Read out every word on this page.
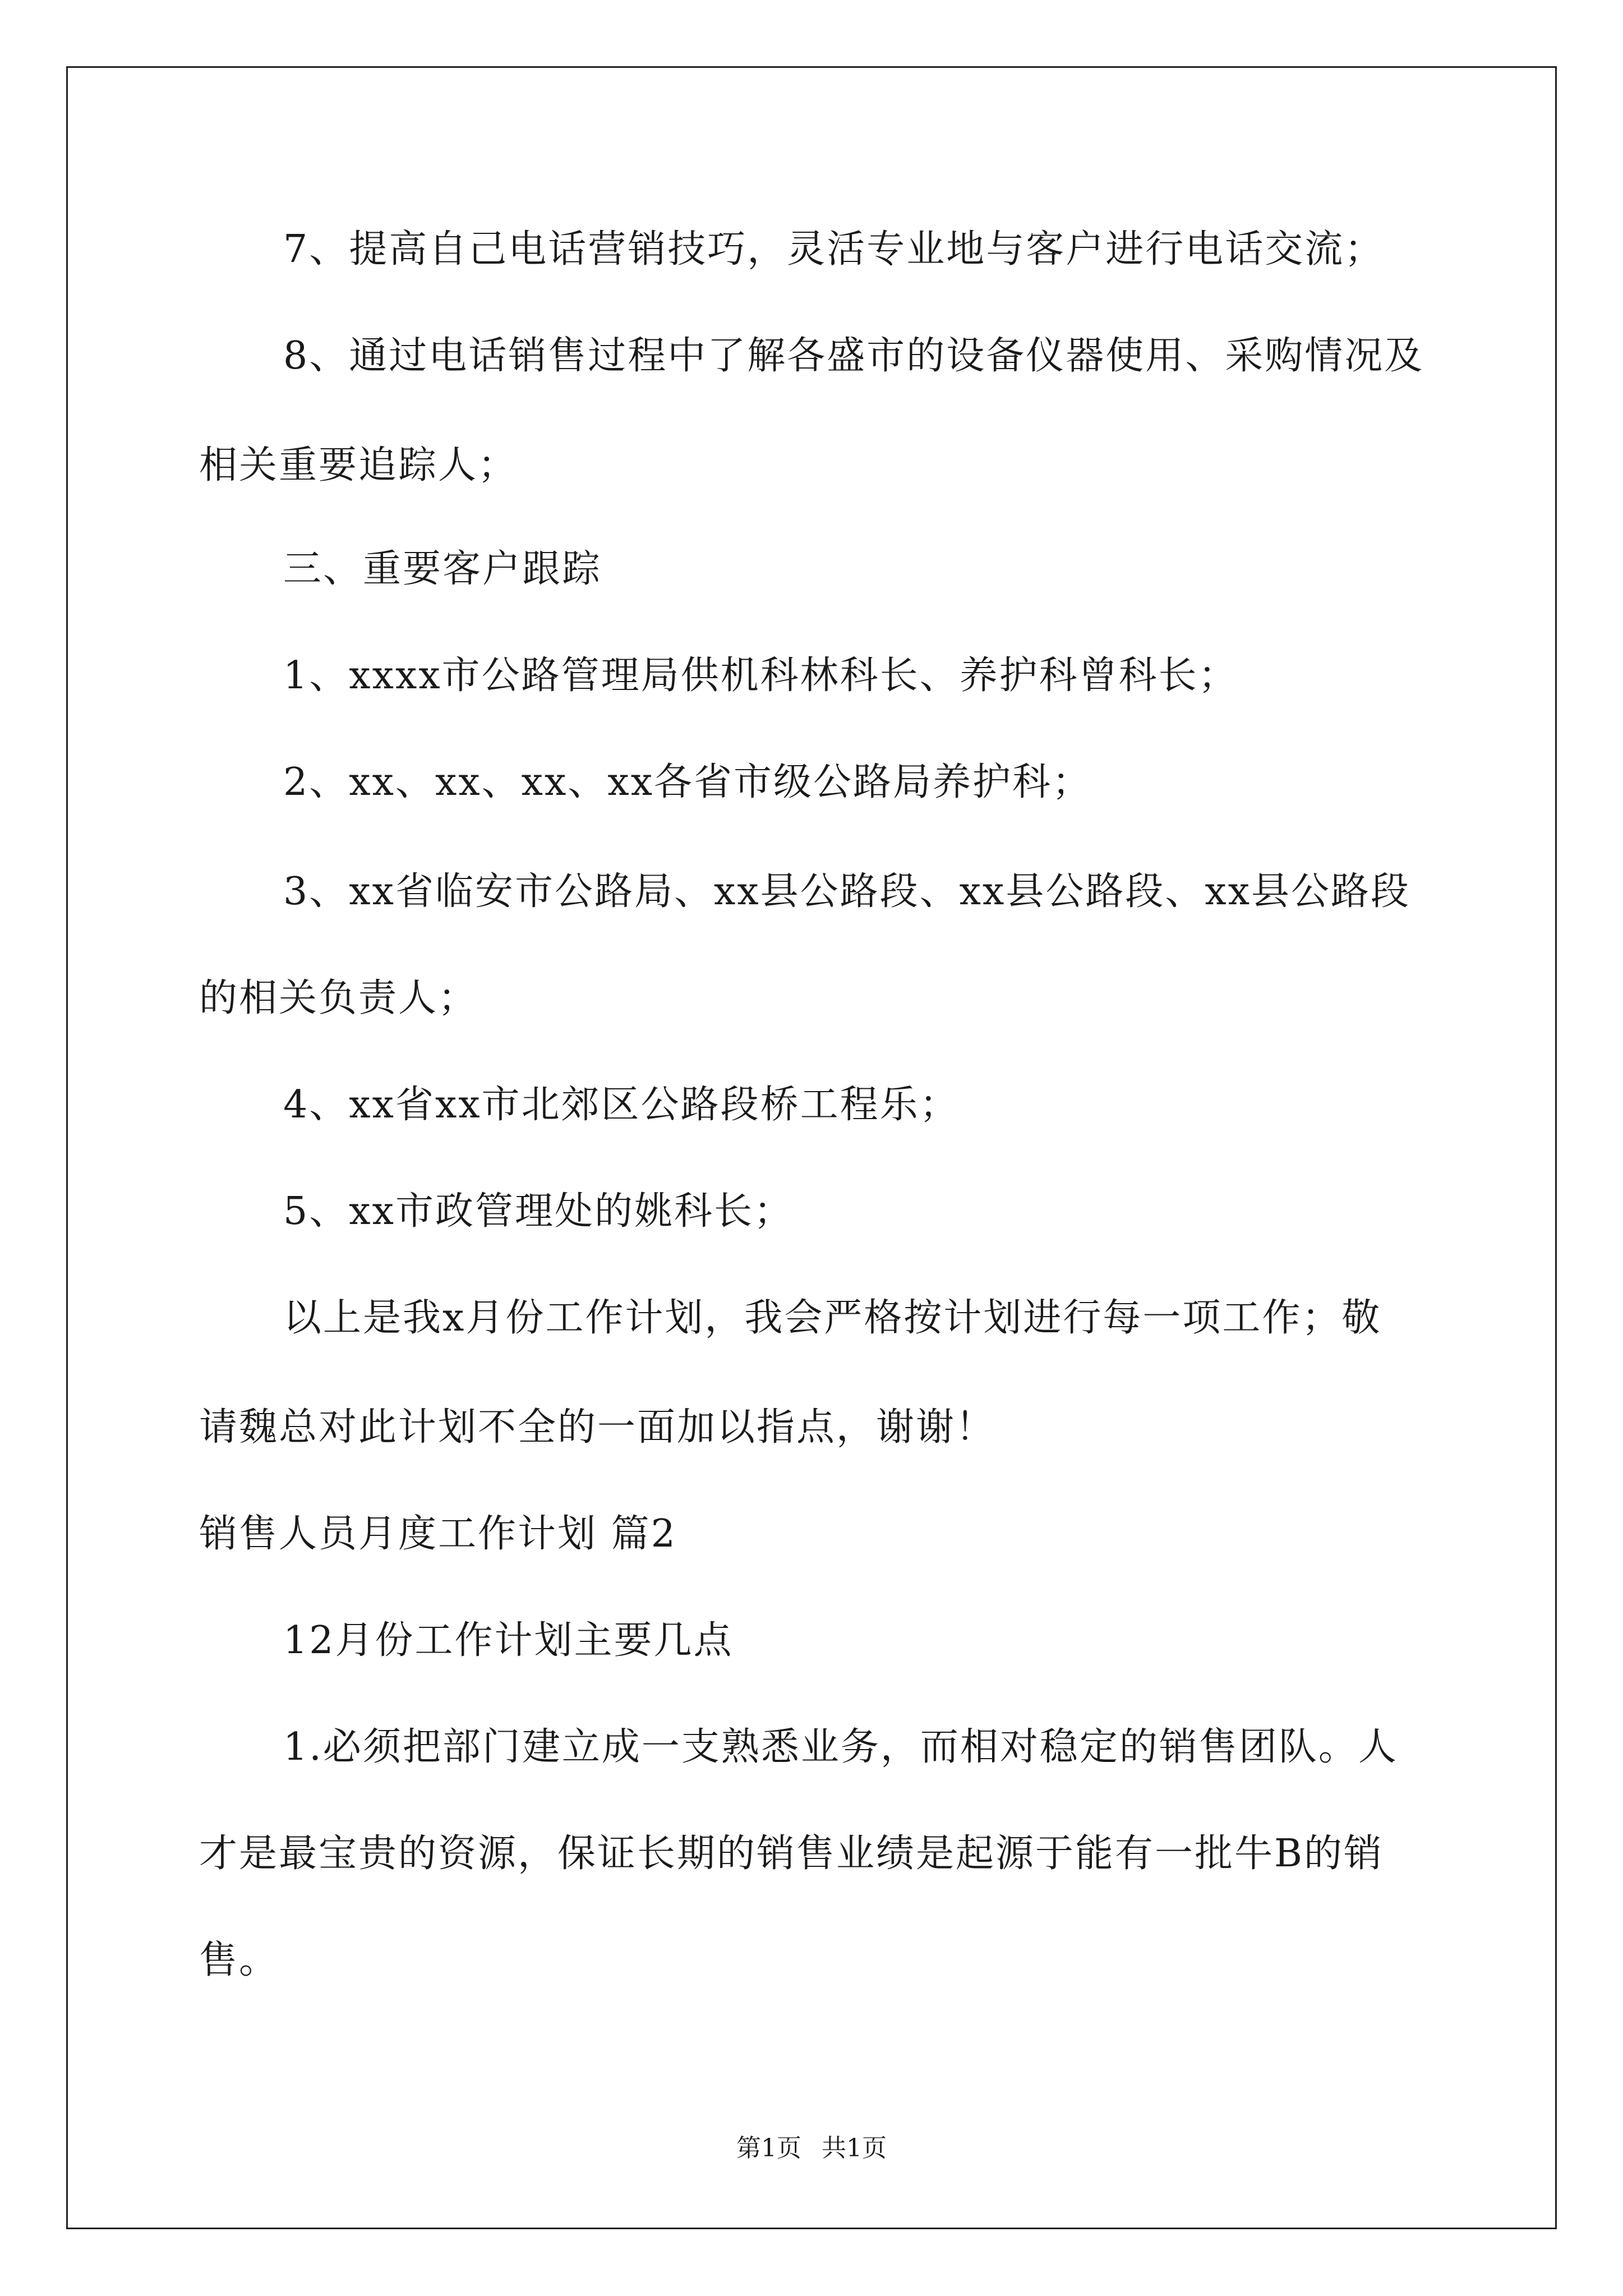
7、提高自己电话营销技巧，灵活专业地与客户进行电话交流；
8、通过电话销售过程中了解各盛市的设备仪器使用、采购情况及
相关重要追踪人；
三、重要客户跟踪
1、xxxx市公路管理局供机科林科长、养护科曾科长；
2、xx、xx、xx、xx各省市级公路局养护科；
3、xx省临安市公路局、xx县公路段、xx县公路段、xx县公路段
的相关负责人；
4、xx省xx市北郊区公路段桥工程乐；
5、xx市政管理处的姚科长；
以上是我x月份工作计划，我会严格按计划进行每一项工作；敬
请魏总对此计划不全的一面加以指点，谢谢！
销售人员月度工作计划 篇2
12月份工作计划主要几点
1.必须把部门建立成一支熟悉业务，而相对稳定的销售团队。人
才是最宝贵的资源，保证长期的销售业绩是起源于能有一批牛B的销
售。
第1页 共1页
